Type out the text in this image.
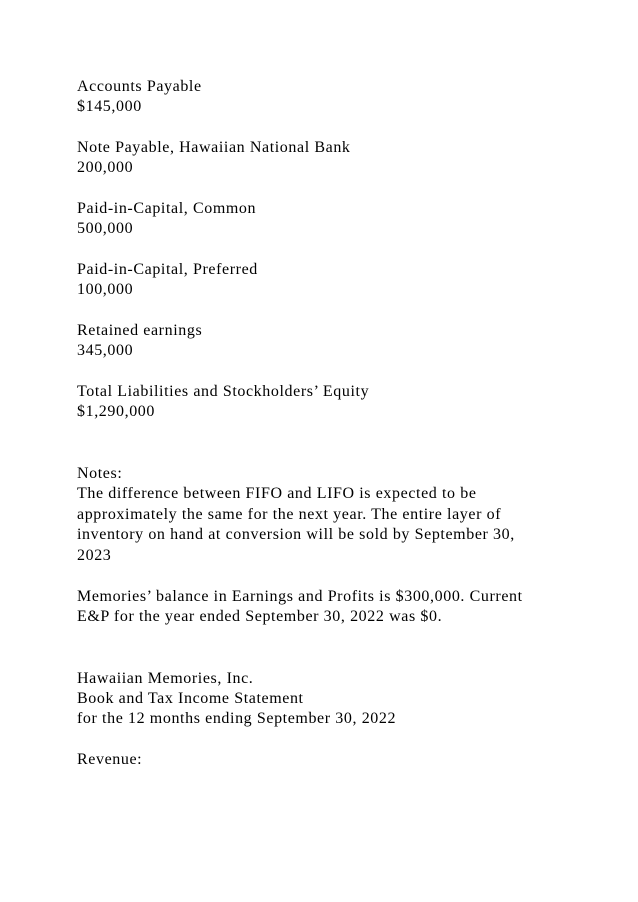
Accounts Payable

$145,000

Note Payable, Hawaiian National Bank

200,000

Paid-in-Capital, Common

500,000

Paid-in-Capital, Preferred

100,000

Retained earnings

345,000

Total Liabilities and Stockholders’ Equity

$1,290,000

Notes:

The difference between FIFO and LIFO is expected to be

approximately the same for the next year. The entire layer of

inventory on hand at conversion will be sold by September 30,

2023

Memories’ balance in Earnings and Profits is $300,000. Current

E&P for the year ended September 30, 2022 was $0.

Hawaiian Memories, Inc.

Book and Tax Income Statement

for the 12 months ending September 30, 2022

Revenue:
